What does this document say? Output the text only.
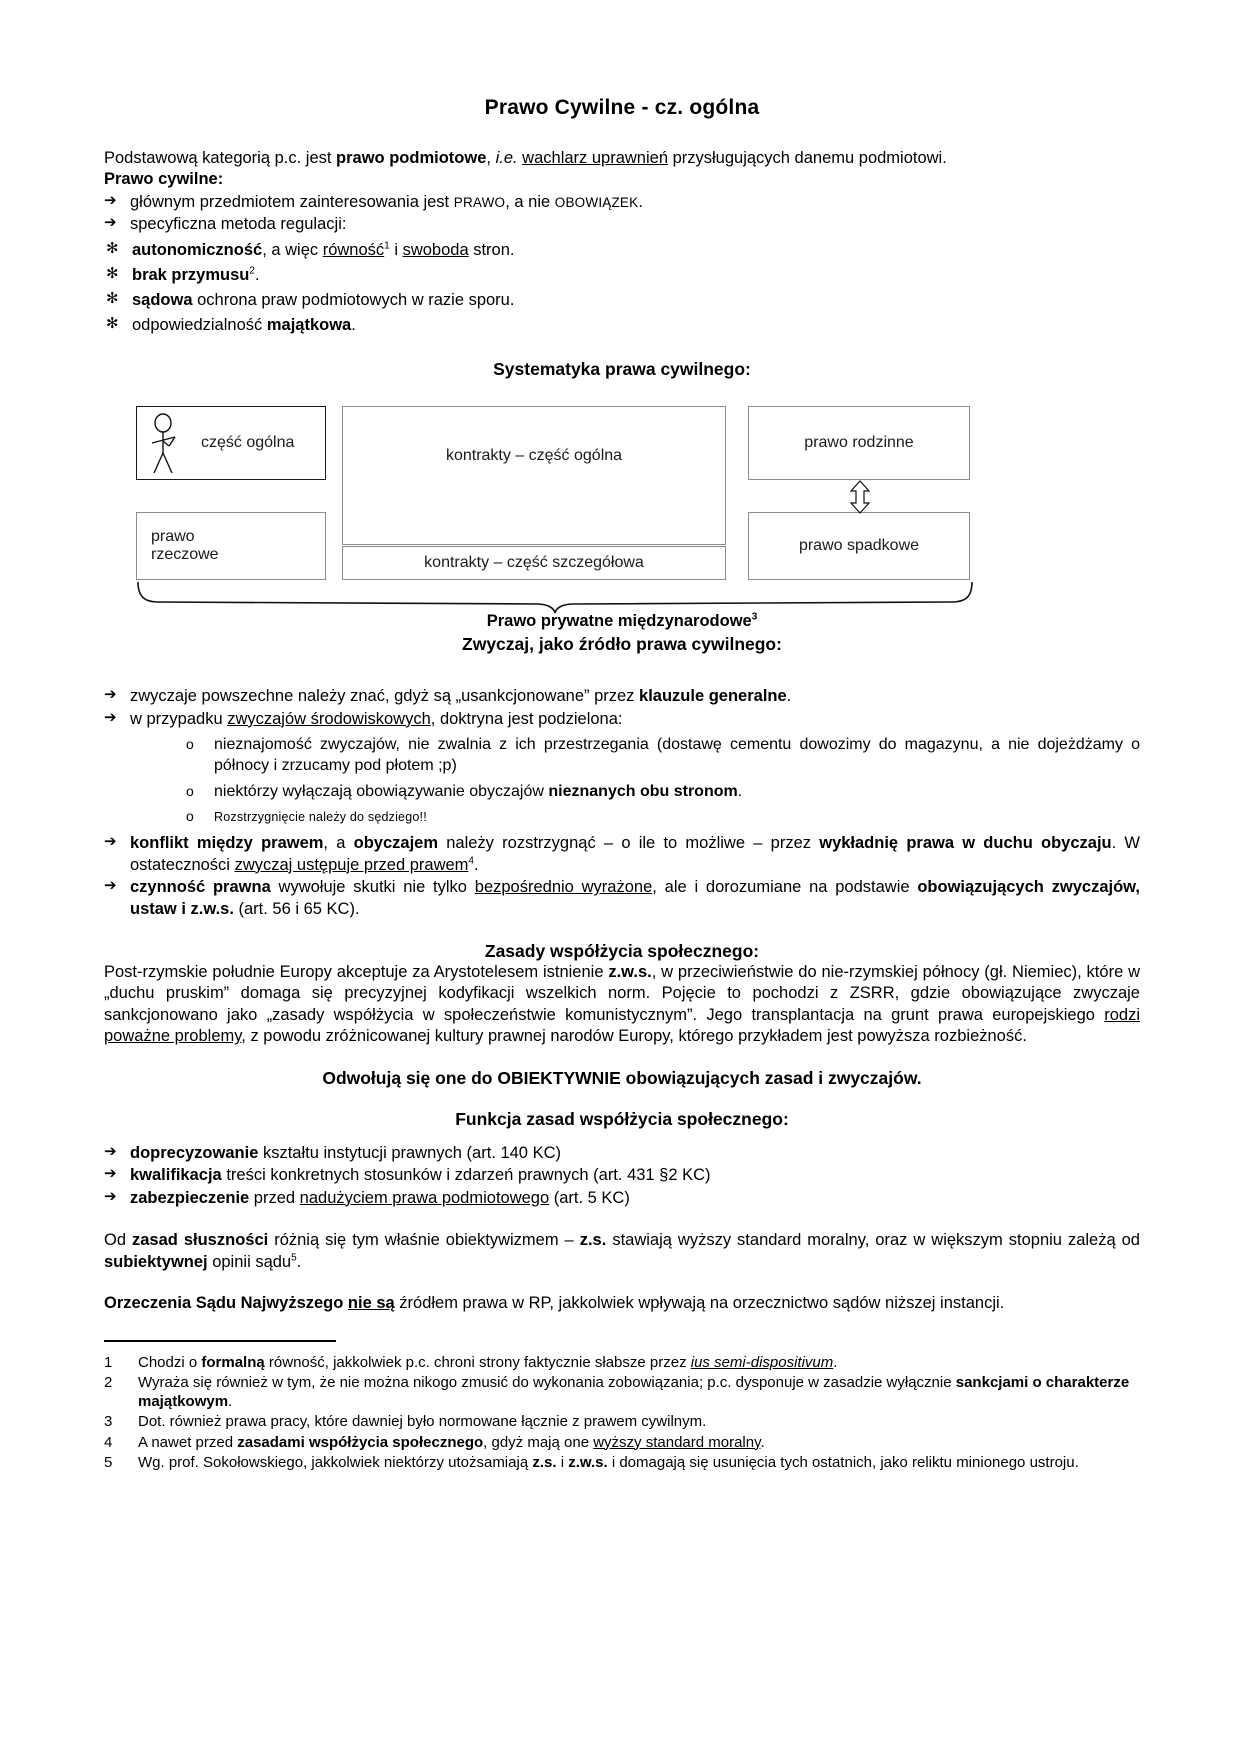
Prawo Cywilne - cz. ogólna

Podstawową kategorią p.c. jest prawo podmiotowe, i.e. wachlarz uprawnień przysługujących danemu podmiotowi.

Prawo cywilne:

➔ głównym przedmiotem zainteresowania jest PRAWO, a nie OBOWIĄZEK.
➔ specyficzna metoda regulacji:
✻ autonomiczność, a więc równość$^1$ i swoboda stron.
✻ brak przymusu$^2$.
✻ sądowa ochrona praw podmiotowych w razie sporu.
✻ odpowiedzialność majątkowa.
Systematyka prawa cywilnego:
część ogólna
prawo
rzeczowe
kontrakty – część ogólna
kontrakty – część szczegółowa
prawo rodzinne
prawo spadkowe
Prawo prywatne międzynarodowe$^3$
Zwyczaj, jako źródło prawa cywilnego:
➔ zwyczaje powszechne należy znać, gdyż są „usankcjonowane” przez klauzule generalne.
➔ w przypadku zwyczajów środowiskowych, doktryna jest podzielona:
o nieznajomość zwyczajów, nie zwalnia z ich przestrzegania (dostawę cementu dowozimy do magazynu, a nie dojeżdżamy o północy i zrzucamy pod płotem ;p)
o niektórzy wyłączają obowiązywanie obyczajów nieznanych obu stronom.
o Rozstrzygnięcie należy do sędziego!!
➔ konflikt między prawem, a obyczajem należy rozstrzygnąć – o ile to możliwe – przez wykładnię prawa w duchu obyczaju. W ostateczności zwyczaj ustępuje przed prawem$^4$.
➔ czynność prawna wywołuje skutki nie tylko bezpośrednio wyrażone, ale i dorozumiane na podstawie obowiązujących zwyczajów, ustaw i z.w.s. (art. 56 i 65 KC).
Zasady współżycia społecznego:

Post-rzymskie południe Europy akceptuje za Arystotelesem istnienie z.w.s., w przeciwieństwie do nie-rzymskiej północy (gł. Niemiec), które w „duchu pruskim” domaga się precyzyjnej kodyfikacji wszelkich norm. Pojęcie to pochodzi z ZSRR, gdzie obowiązujące zwyczaje sankcjonowano jako „zasady współżycia w społeczeństwie komunistycznym”. Jego transplantacja na grunt prawa europejskiego rodzi poważne problemy, z powodu zróżnicowanej kultury prawnej narodów Europy, którego przykładem jest powyższa rozbieżność.

Odwołują się one do OBIEKTYWNIE obowiązujących zasad i zwyczajów.
Funkcja zasad współżycia społecznego:
➔ doprecyzowanie kształtu instytucji prawnych (art. 140 KC)
➔ kwalifikacja treści konkretnych stosunków i zdarzeń prawnych (art. 431 §2 KC)
➔ zabezpieczenie przed nadużyciem prawa podmiotowego (art. 5 KC)

Od zasad słuszności różnią się tym właśnie obiektywizmem – z.s. stawiają wyższy standard moralny, oraz w większym stopniu zależą od subiektywnej opinii sądu$^5$.

Orzeczenia Sądu Najwyższego nie są źródłem prawa w RP, jakkolwiek wpływają na orzecznictwo sądów niższej instancji.

1	Chodzi o formalną równość, jakkolwiek p.c. chroni strony faktycznie słabsze przez ius semi-dispositivum.
2	Wyraża się również w tym, że nie można nikogo zmusić do wykonania zobowiązania; p.c. dysponuje w zasadzie wyłącznie sankcjami o charakterze majątkowym.
3	Dot. również prawa pracy, które dawniej było normowane łącznie z prawem cywilnym.
4	A nawet przed zasadami współżycia społecznego, gdyż mają one wyższy standard moralny.
5	Wg. prof. Sokołowskiego, jakkolwiek niektórzy utożsamiają z.s. i z.w.s. i domagają się usunięcia tych ostatnich, jako reliktu minionego ustroju.
